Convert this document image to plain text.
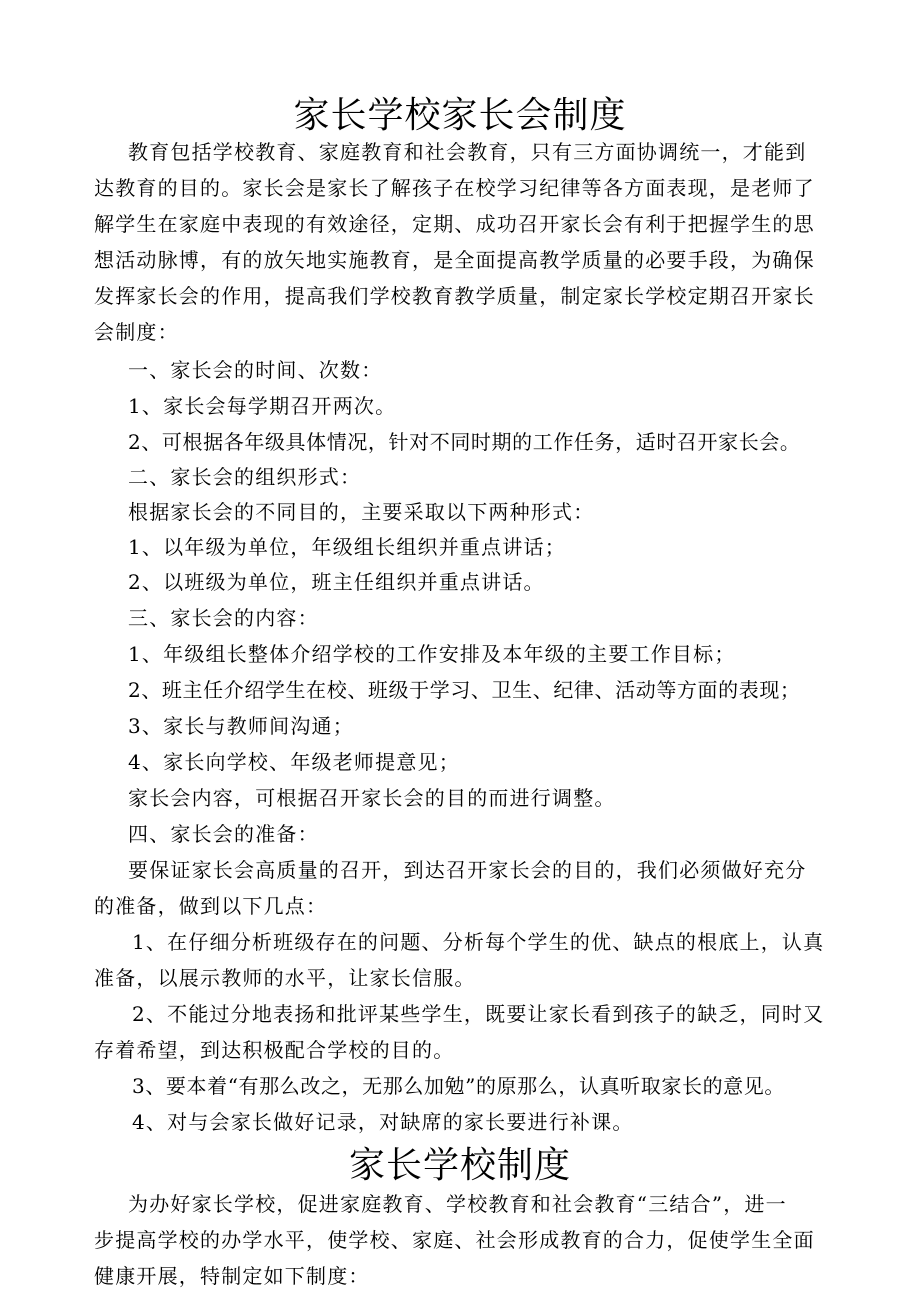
家长学校家长会制度

教育包括学校教育、家庭教育和社会教育，只有三方面协调统一，才能到

达教育的目的。家长会是家长了解孩子在校学习纪律等各方面表现，是老师了

解学生在家庭中表现的有效途径，定期、成功召开家长会有利于把握学生的思

想活动脉博，有的放矢地实施教育，是全面提高教学质量的必要手段，为确保

发挥家长会的作用，提高我们学校教育教学质量，制定家长学校定期召开家长

会制度：

一、家长会的时间、次数：

1、家长会每学期召开两次。

2、可根据各年级具体情况，针对不同时期的工作任务，适时召开家长会。

二、家长会的组织形式：

根据家长会的不同目的，主要采取以下两种形式：

1、以年级为单位，年级组长组织并重点讲话；

2、以班级为单位，班主任组织并重点讲话。

三、家长会的内容：

1、年级组长整体介绍学校的工作安排及本年级的主要工作目标；

2、班主任介绍学生在校、班级于学习、卫生、纪律、活动等方面的表现；

3、家长与教师间沟通；

4、家长向学校、年级老师提意见；

家长会内容，可根据召开家长会的目的而进行调整。

四、家长会的准备：

要保证家长会高质量的召开，到达召开家长会的目的，我们必须做好充分

的准备，做到以下几点：

1、在仔细分析班级存在的问题、分析每个学生的优、缺点的根底上，认真

准备，以展示教师的水平，让家长信服。

2、不能过分地表扬和批评某些学生，既要让家长看到孩子的缺乏，同时又

存着希望，到达积极配合学校的目的。

3、要本着“有那么改之，无那么加勉”的原那么，认真听取家长的意见。

4、对与会家长做好记录，对缺席的家长要进行补课。

家长学校制度

为办好家长学校，促进家庭教育、学校教育和社会教育“三结合”，进一

步提高学校的办学水平，使学校、家庭、社会形成教育的合力，促使学生全面

健康开展，特制定如下制度：
